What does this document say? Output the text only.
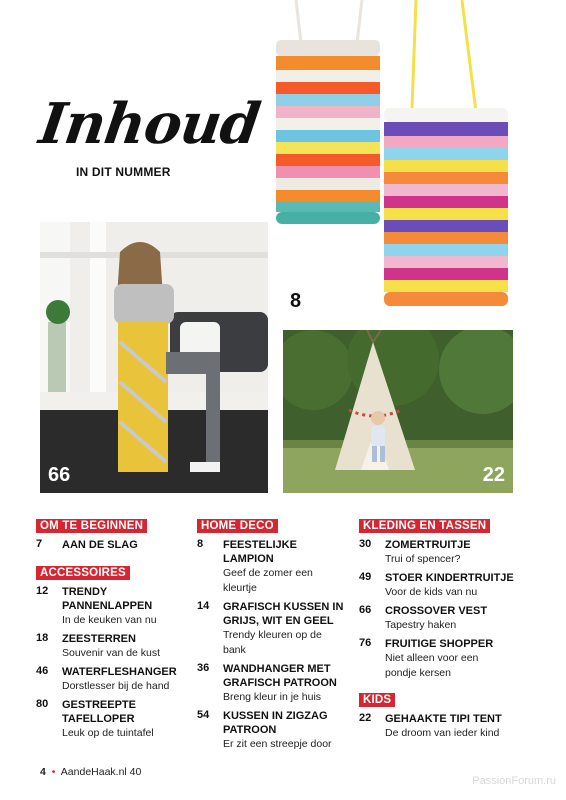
Inhoud
IN DIT NUMMER
8
66	22
OM TE BEGINNEN
7	AAN DE SLAG
ACCESSOIRES
12	TRENDY PANNENLAPPEN
In de keuken van nu
18	ZEESTERREN
Souvenir van de kust
46	WATERFLESHANGER
Dorstlesser bij de hand
80	GESTREEPTE TAFELLOPER
Leuk op de tuintafel
HOME DECO
8	FEESTELIJKE LAMPION
Geef de zomer een kleurtje
14	GRAFISCH KUSSEN IN GRIJS, WIT EN GEEL
Trendy kleuren op de bank
36	WANDHANGER MET GRAFISCH PATROON
Breng kleur in je huis
54	KUSSEN IN ZIGZAG PATROON
Er zit een streepje door
KLEDING EN TASSEN
30	ZOMERTRUITJE
Trui of spencer?
49	STOER KINDERTRUITJE
Voor de kids van nu
66	CROSSOVER VEST
Tapestry haken
76	FRUITIGE SHOPPER
Niet alleen voor een pondje kersen
KIDS
22	GEHAAKTE TIPI TENT
De droom van ieder kind
4 • AandeHaak.nl 40
PassionForum.ru
